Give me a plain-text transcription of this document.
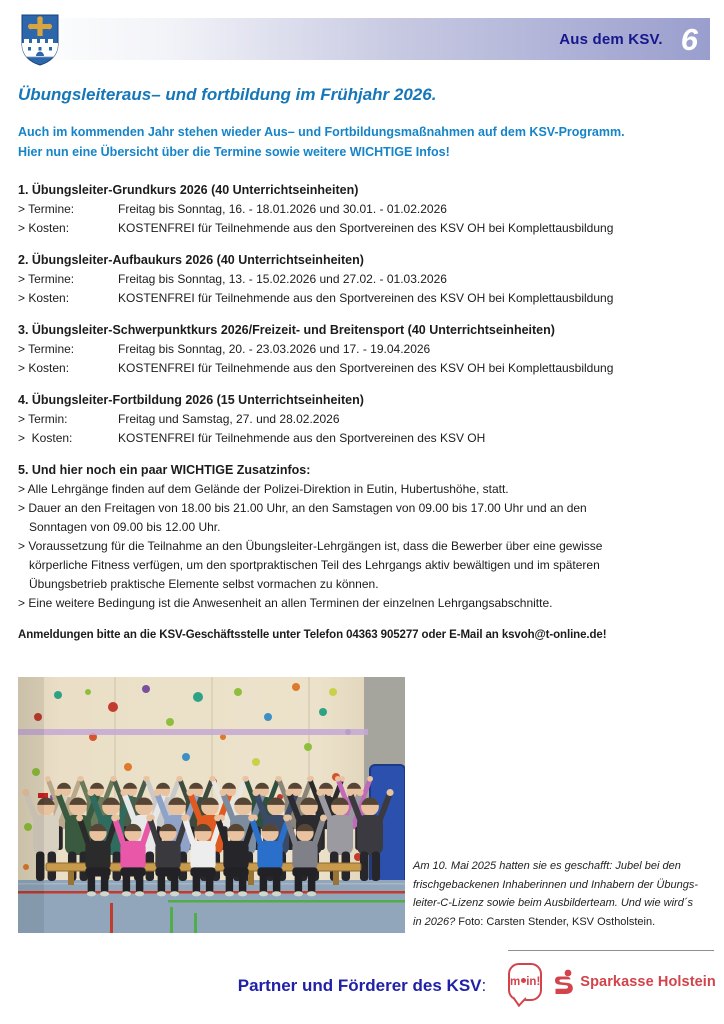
Aus dem KSV. 6
Übungsleiteraus– und fortbildung im Frühjahr 2026.
Auch im kommenden Jahr stehen wieder Aus– und Fortbildungsmaßnahmen auf dem KSV-Programm.
Hier nun eine Übersicht über die Termine sowie weitere WICHTIGE Infos!
1. Übungsleiter-Grundkurs 2026 (40 Unterrichtseinheiten)
> Termine:	Freitag bis Sonntag, 16. - 18.01.2026 und 30.01. - 01.02.2026
> Kosten:	KOSTENFREI für Teilnehmende aus den Sportvereinen des KSV OH bei Komplettausbildung
2. Übungsleiter-Aufbaukurs 2026 (40 Unterrichtseinheiten)
> Termine:	Freitag bis Sonntag, 13. - 15.02.2026 und 27.02. - 01.03.2026
> Kosten:	KOSTENFREI für Teilnehmende aus den Sportvereinen des KSV OH bei Komplettausbildung
3. Übungsleiter-Schwerpunktkurs 2026/Freizeit- und Breitensport (40 Unterrichtseinheiten)
> Termine:	Freitag bis Sonntag, 20. - 23.03.2026 und 17. - 19.04.2026
> Kosten:	KOSTENFREI für Teilnehmende aus den Sportvereinen des KSV OH bei Komplettausbildung
4. Übungsleiter-Fortbildung 2026 (15 Unterrichtseinheiten)
> Termin:	Freitag und Samstag, 27. und 28.02.2026
>  Kosten:	KOSTENFREI für Teilnehmende aus den Sportvereinen des KSV OH
5. Und hier noch ein paar WICHTIGE Zusatzinfos:
> Alle Lehrgänge finden auf dem Gelände der Polizei-Direktion in Eutin, Hubertushöhe, statt.
> Dauer an den Freitagen von 18.00 bis 21.00 Uhr, an den Samstagen von 09.00 bis 17.00 Uhr und an den
Sonntagen von 09.00 bis 12.00 Uhr.
> Voraussetzung für die Teilnahme an den Übungsleiter-Lehrgängen ist, dass die Bewerber über eine gewisse
körperliche Fitness verfügen, um den sportpraktischen Teil des Lehrgangs aktiv bewältigen und im späteren
Übungsbetrieb praktische Elemente selbst vormachen zu können.
> Eine weitere Bedingung ist die Anwesenheit an allen Terminen der einzelnen Lehrgangsabschnitte.
Anmeldungen bitte an die KSV-Geschäftsstelle unter Telefon 04363 905277 oder E-Mail an ksvoh@t-online.de!
Am 10. Mai 2025 hatten sie es geschafft: Jubel bei den
frischgebackenen Inhaberinnen und Inhabern der Übungs-
leiter-C-Lizenz sowie beim Ausbilderteam. Und wie wird´s
in 2026? Foto: Carsten Stender, KSV Ostholstein.
Partner und Förderer des KSV: m in!	Sparkasse Holstein
